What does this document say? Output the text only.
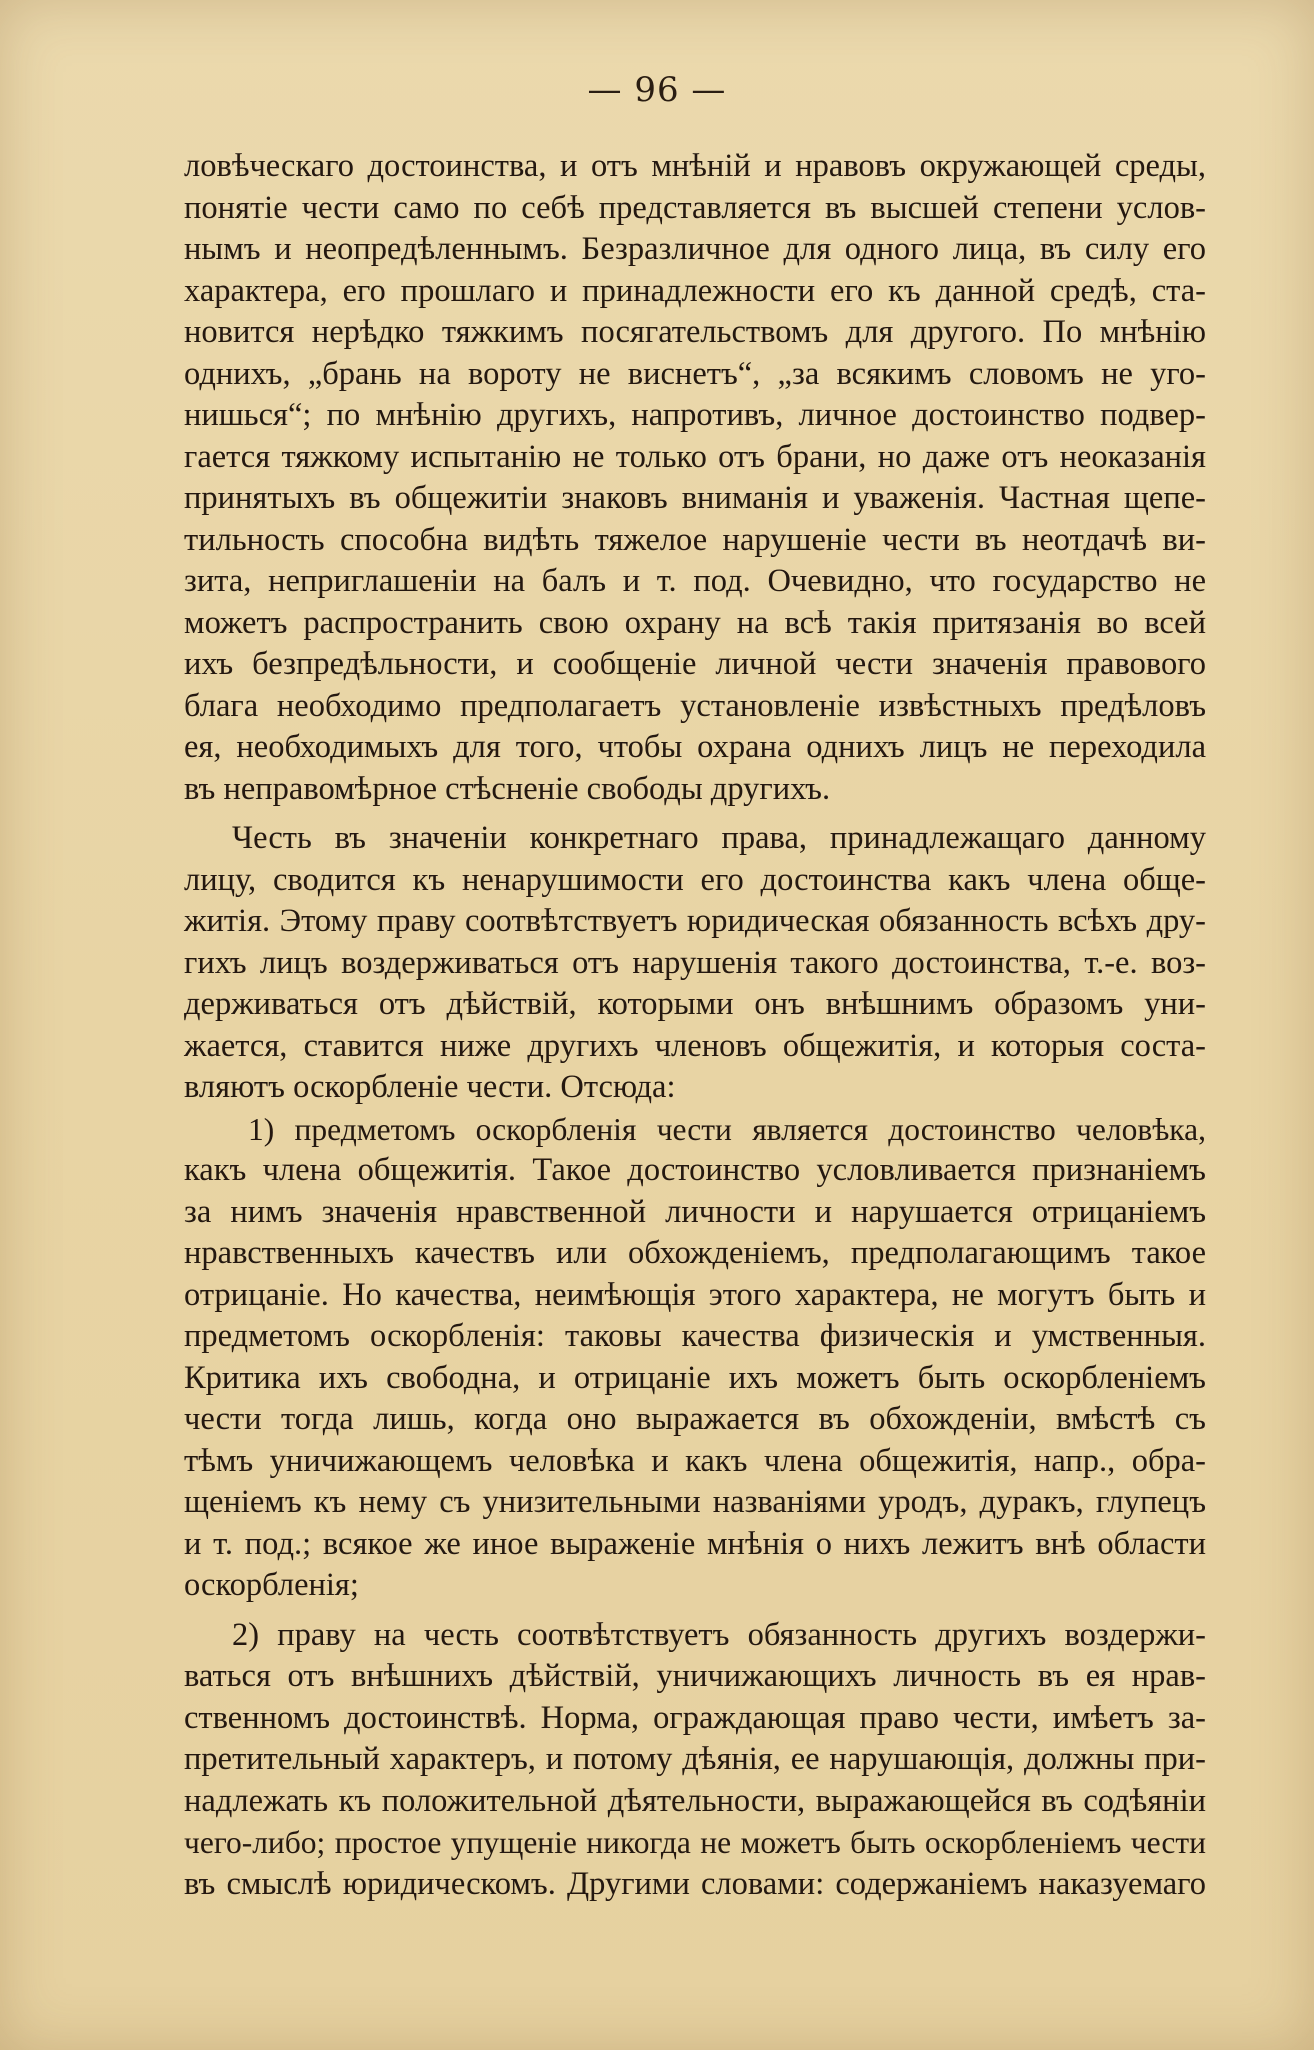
— 96 —
ловѣческаго достоинства, и отъ мнѣній и нравовъ окружающей среды,
понятіе чести само по себѣ представляется въ высшей степени услов-
нымъ и неопредѣленнымъ. Безразличное для одного лица, въ силу его
характера, его прошлаго и принадлежности его къ данной средѣ, ста-
новится нерѣдко тяжкимъ посягательствомъ для другого. По мнѣнію
однихъ, „брань на вороту не виснетъ“, „за всякимъ словомъ не уго-
нишься“; по мнѣнію другихъ, напротивъ, личное достоинство подвер-
гается тяжкому испытанію не только отъ брани, но даже отъ неоказанія
принятыхъ въ общежитіи знаковъ вниманія и уваженія. Частная щепе-
тильность способна видѣть тяжелое нарушеніе чести въ неотдачѣ ви-
зита, неприглашеніи на балъ и т. под. Очевидно, что государство не
можетъ распространить свою охрану на всѣ такія притязанія во всей
ихъ безпредѣльности, и сообщеніе личной чести значенія правового
блага необходимо предполагаетъ установленіе извѣстныхъ предѣловъ
ея, необходимыхъ для того, чтобы охрана однихъ лицъ не переходила
въ неправомѣрное стѣсненіе свободы другихъ.
Честь въ значеніи конкретнаго права, принадлежащаго данному
лицу, сводится къ ненарушимости его достоинства какъ члена обще-
житія. Этому праву соотвѣтствуетъ юридическая обязанность всѣхъ дру-
гихъ лицъ воздерживаться отъ нарушенія такого достоинства, т.-е. воз-
держиваться отъ дѣйствій, которыми онъ внѣшнимъ образомъ уни-
жается, ставится ниже другихъ членовъ общежитія, и которыя соста-
вляютъ оскорбленіе чести. Отсюда:
1) предметомъ оскорбленія чести является достоинство человѣка,
какъ члена общежитія. Такое достоинство условливается признаніемъ
за нимъ значенія нравственной личности и нарушается отрицаніемъ
нравственныхъ качествъ или обхожденіемъ, предполагающимъ такое
отрицаніе. Но качества, неимѣющія этого характера, не могутъ быть и
предметомъ оскорбленія: таковы качества физическія и умственныя.
Критика ихъ свободна, и отрицаніе ихъ можетъ быть оскорбленіемъ
чести тогда лишь, когда оно выражается въ обхожденіи, вмѣстѣ съ
тѣмъ уничижающемъ человѣка и какъ члена общежитія, напр., обра-
щеніемъ къ нему съ унизительными названіями уродъ, дуракъ, глупецъ
и т. под.; всякое же иное выраженіе мнѣнія о нихъ лежитъ внѣ области
оскорбленія;
2) праву на честь соотвѣтствуетъ обязанность другихъ воздержи-
ваться отъ внѣшнихъ дѣйствій, уничижающихъ личность въ ея нрав-
ственномъ достоинствѣ. Норма, ограждающая право чести, имѣетъ за-
претительный характеръ, и потому дѣянія, ее нарушающія, должны при-
надлежать къ положительной дѣятельности, выражающейся въ содѣяніи
чего-либо; простое упущеніе никогда не можетъ быть оскорбленіемъ чести
въ смыслѣ юридическомъ. Другими словами: содержаніемъ наказуемаго
